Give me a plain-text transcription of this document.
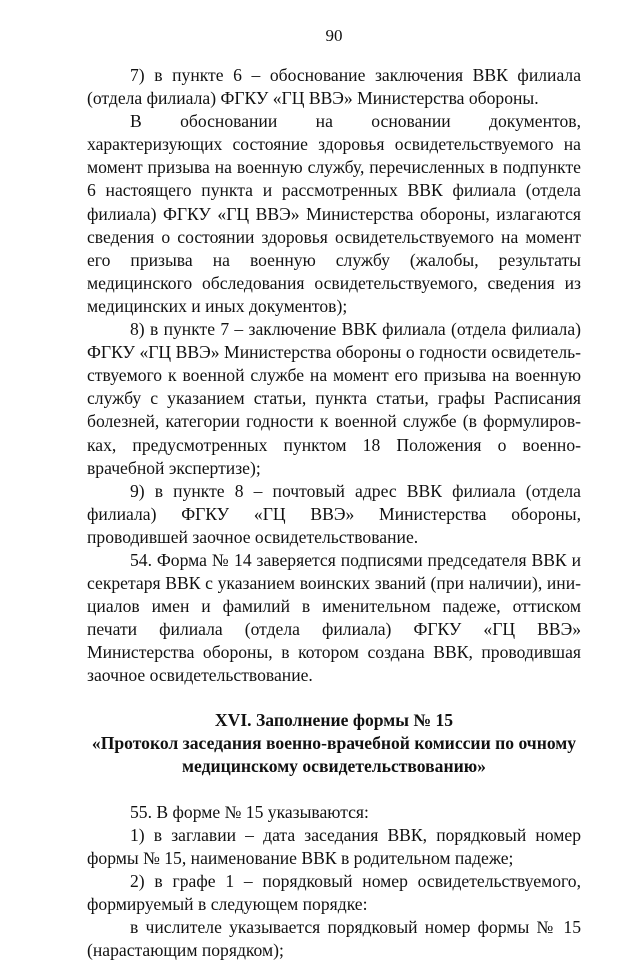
90

7) в пункте 6 – обоснование заключения ВВК филиала (отдела филиала) ФГКУ «ГЦ ВВЭ» Министерства обороны.

В обосновании на основании документов, характеризующих состояние здоровья освидетельствуемого на момент призыва на военную службу, перечисленных в подпункте 6 настоящего пункта и рассмотренных ВВК филиала (отдела филиала) ФГКУ «ГЦ ВВЭ» Министерства обороны, излагаются сведения о состоянии здоровья освидетельствуемого на момент его призыва на военную службу (жалобы, результаты медицинского обследования освидетельствуемого, сведения из медицинских и иных документов);

8) в пункте 7 – заключение ВВК филиала (отдела филиала) ФГКУ «ГЦ ВВЭ» Министерства обороны о годности освидетельствуемого к военной службе на момент его призыва на военную службу с указанием статьи, пункта статьи, графы Расписания болезней, категории годности к военной службе (в формулировках, предусмотренных пунктом 18 Положения о военно-врачебной экспертизе);

9) в пункте 8 – почтовый адрес ВВК филиала (отдела филиала) ФГКУ «ГЦ ВВЭ» Министерства обороны, проводившей заочное освидетельствование.

54. Форма № 14 заверяется подписями председателя ВВК и секретаря ВВК с указанием воинских званий (при наличии), инициалов имен и фамилий в именительном падеже, оттиском печати филиала (отдела филиала) ФГКУ «ГЦ ВВЭ» Министерства обороны, в котором создана ВВК, проводившая заочное освидетельствование.

XVI. Заполнение формы № 15
«Протокол заседания военно-врачебной комиссии по очному
медицинскому освидетельствованию»

55. В форме № 15 указываются:

1) в заглавии – дата заседания ВВК, порядковый номер формы № 15, наименование ВВК в родительном падеже;

2) в графе 1 – порядковый номер освидетельствуемого, формируемый в следующем порядке:

в числителе указывается порядковый номер формы № 15 (нарастающим порядком);
